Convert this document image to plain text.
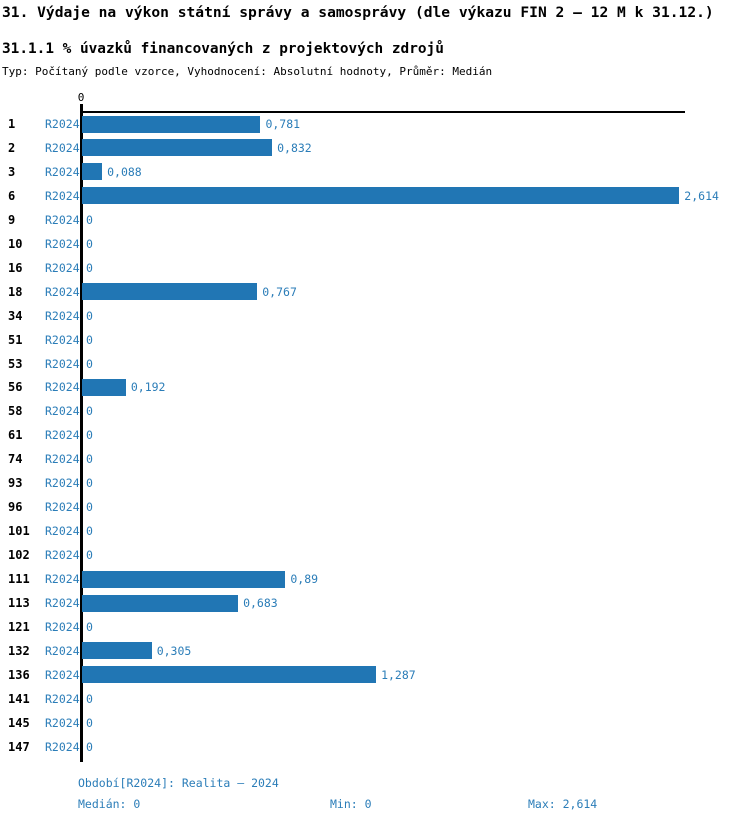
31. Výdaje na výkon státní správy a samosprávy (dle výkazu FIN 2 – 12 M k 31.12.)
31.1.1 % úvazků financovaných z projektových zdrojů
Typ: Počítaný podle vzorce, Vyhodnocení: Absolutní hodnoty, Průměr: Medián
0
1	R2024	0,781
2	R2024	0,832
3	R2024 0,088
6	R2024	2,614
9	R2024 0
10 R2024 0
16 R2024 0
18 R2024	0,767
34 R2024 0
51 R2024 0
53 R2024 0
56 R2024	0,192
58 R2024 0
61 R2024 0
74 R2024 0
93 R2024 0
96 R2024 0
101 R2024 0
102 R2024 0
111 R2024	0,89
113 R2024	0,683
121 R2024 0
132 R2024	0,305
136 R2024	1,287
141 R2024 0
145 R2024 0
147 R2024 0
Období[R2024]: Realita – 2024
Medián: 0	Min: 0	Max: 2,614
